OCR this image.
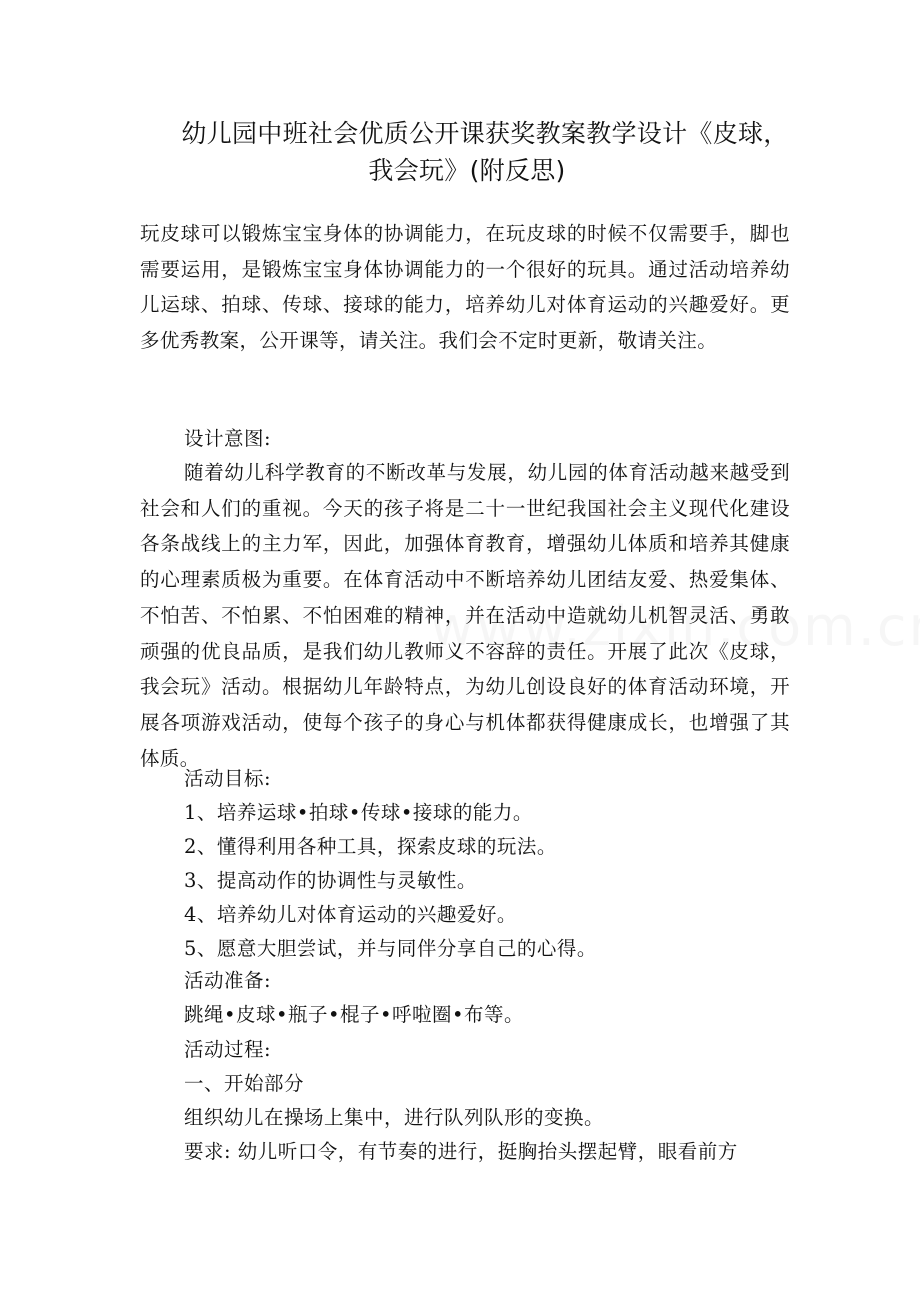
幼儿园中班社会优质公开课获奖教案教学设计《皮球，
我会玩》(附反思)

玩皮球可以锻炼宝宝身体的协调能力，在玩皮球的时候不仅需要手，脚也需要运用，是锻炼宝宝身体协调能力的一个很好的玩具。通过活动培养幼儿运球、拍球、传球、接球的能力，培养幼儿对体育运动的兴趣爱好。更多优秀教案，公开课等，请关注。我们会不定时更新，敬请关注。

设计意图:

随着幼儿科学教育的不断改革与发展，幼儿园的体育活动越来越受到社会和人们的重视。今天的孩子将是二十一世纪我国社会主义现代化建设各条战线上的主力军，因此，加强体育教育，增强幼儿体质和培养其健康的心理素质极为重要。在体育活动中不断培养幼儿团结友爱、热爱集体、不怕苦、不怕累、不怕困难的精神，并在活动中造就幼儿机智灵活、勇敢顽强的优良品质，是我们幼儿教师义不容辞的责任。开展了此次《皮球，我会玩》活动。根据幼儿年龄特点，为幼儿创设良好的体育活动环境，开展各项游戏活动，使每个孩子的身心与机体都获得健康成长，也增强了其体质。

活动目标:
1、培养运球•拍球•传球•接球的能力。
2、懂得利用各种工具，探索皮球的玩法。
3、提高动作的协调性与灵敏性。
4、培养幼儿对体育运动的兴趣爱好。
5、愿意大胆尝试，并与同伴分享自己的心得。
活动准备:
跳绳•皮球•瓶子•棍子•呼啦圈•布等。
活动过程:
一、开始部分
组织幼儿在操场上集中，进行队列队形的变换。
要求: 幼儿听口令，有节奏的进行，挺胸抬头摆起臂，眼看前方
